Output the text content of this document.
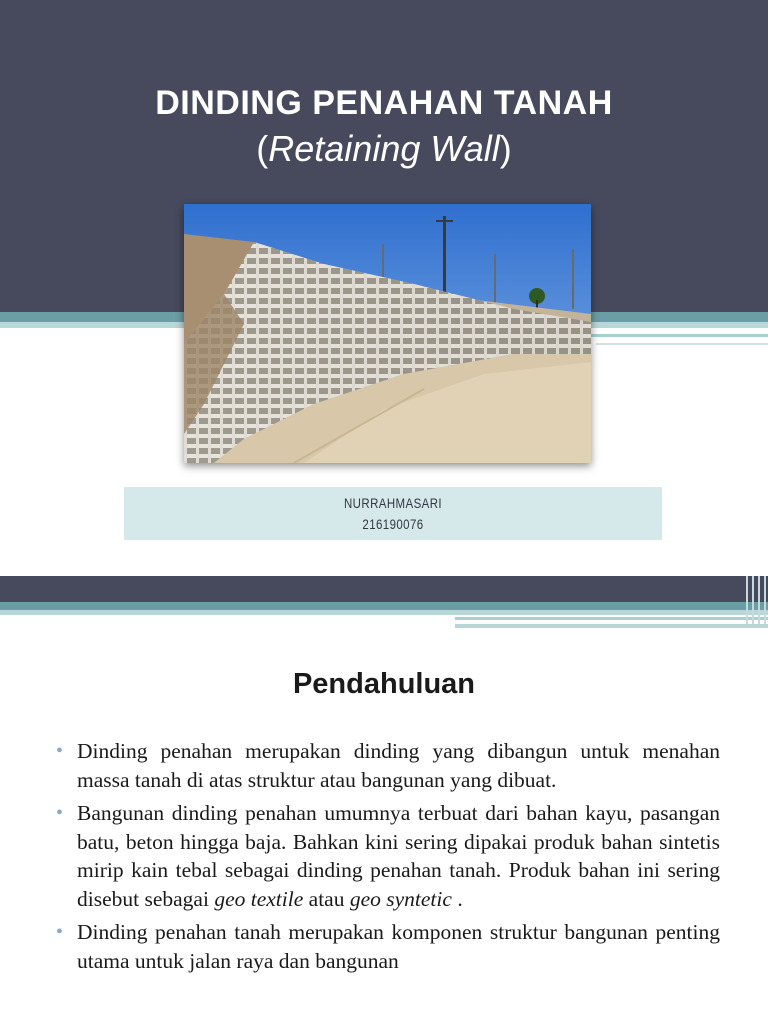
DINDING PENAHAN TANAH
(Retaining Wall)
NURRAHMASARI
216190076
Pendahuluan
• Dinding penahan merupakan dinding yang dibangun untuk menahan massa tanah di atas struktur atau bangunan yang dibuat.
• Bangunan dinding penahan umumnya terbuat dari bahan kayu, pasangan batu, beton hingga baja. Bahkan kini sering dipakai produk bahan sintetis mirip kain tebal sebagai dinding penahan tanah. Produk bahan ini sering disebut sebagai geo textile atau geo syntetic .
• Dinding penahan tanah merupakan komponen struktur bangunan penting utama untuk jalan raya dan bangunan
